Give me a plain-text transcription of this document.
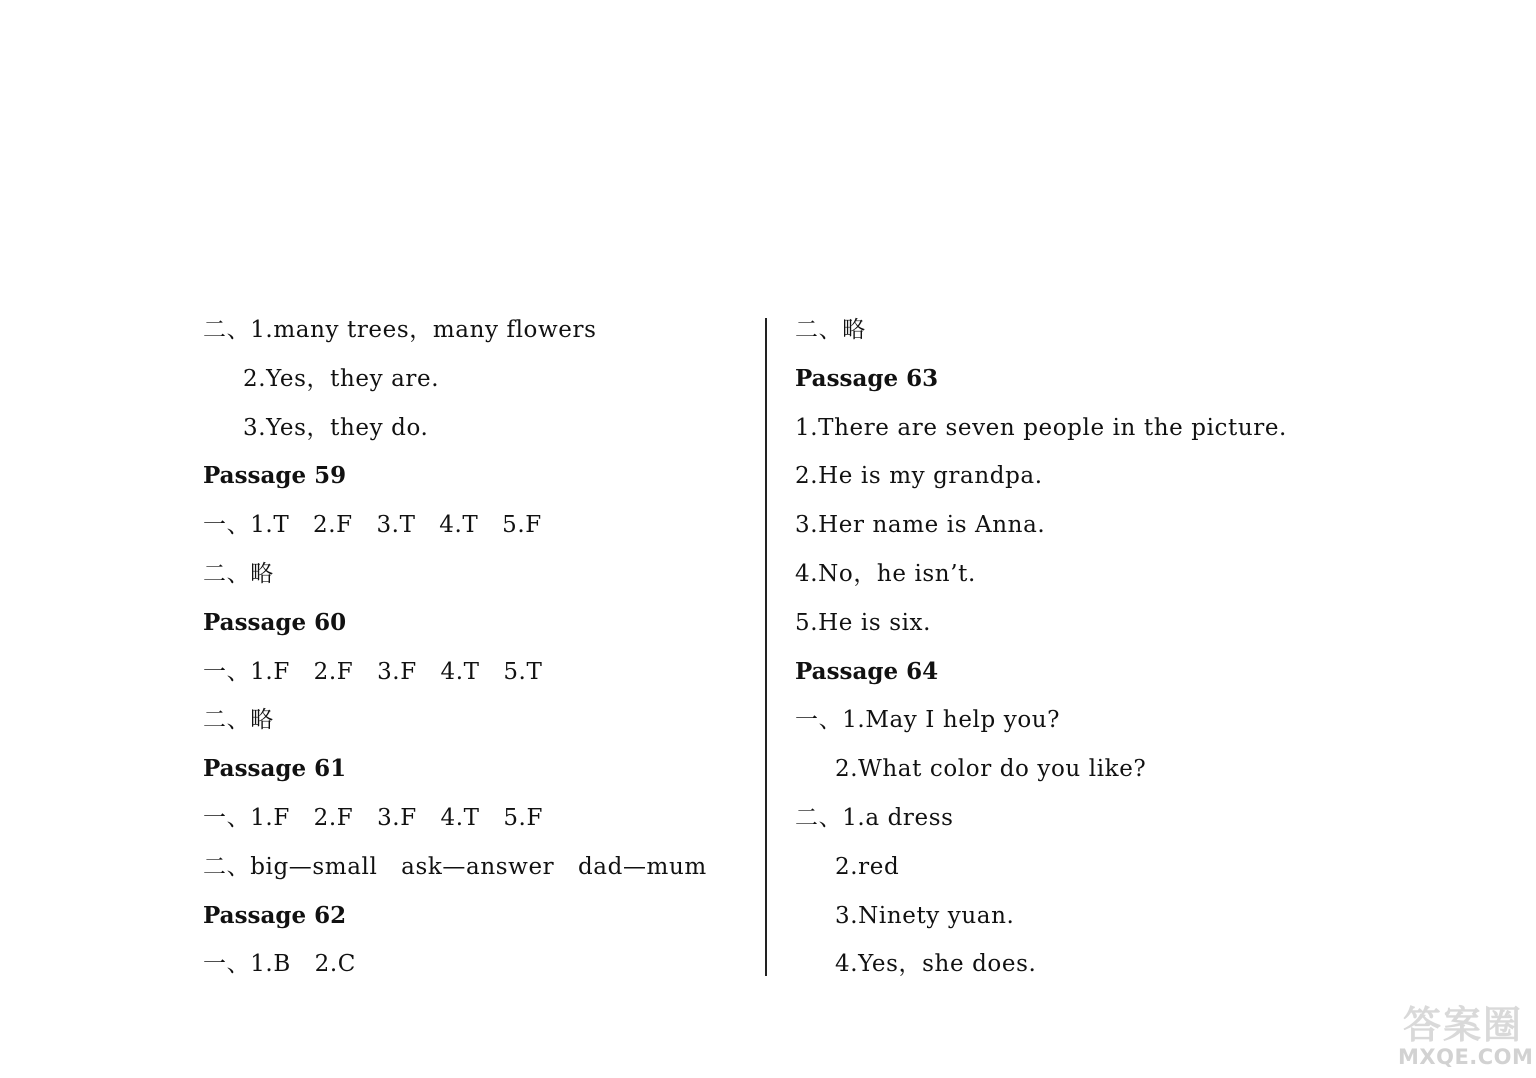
二、1.many trees，many flowers
2.Yes，they are.
3.Yes，they do.
Passage 59
一、1.T   2.F   3.T   4.T   5.F
二、略
Passage 60
一、1.F   2.F   3.F   4.T   5.T
二、略
Passage 61
一、1.F   2.F   3.F   4.T   5.F
二、big—small   ask—answer   dad—mum
Passage 62
一、1.B   2.C
二、略
Passage 63
1.There are seven people in the picture.
2.He is my grandpa.
3.Her name is Anna.
4.No，he isn’t.
5.He is six.
Passage 64
一、1.May I help you?
2.What color do you like?
二、1.a dress
2.red
3.Ninety yuan.
4.Yes，she does.
答案圈
MXQE.COM
